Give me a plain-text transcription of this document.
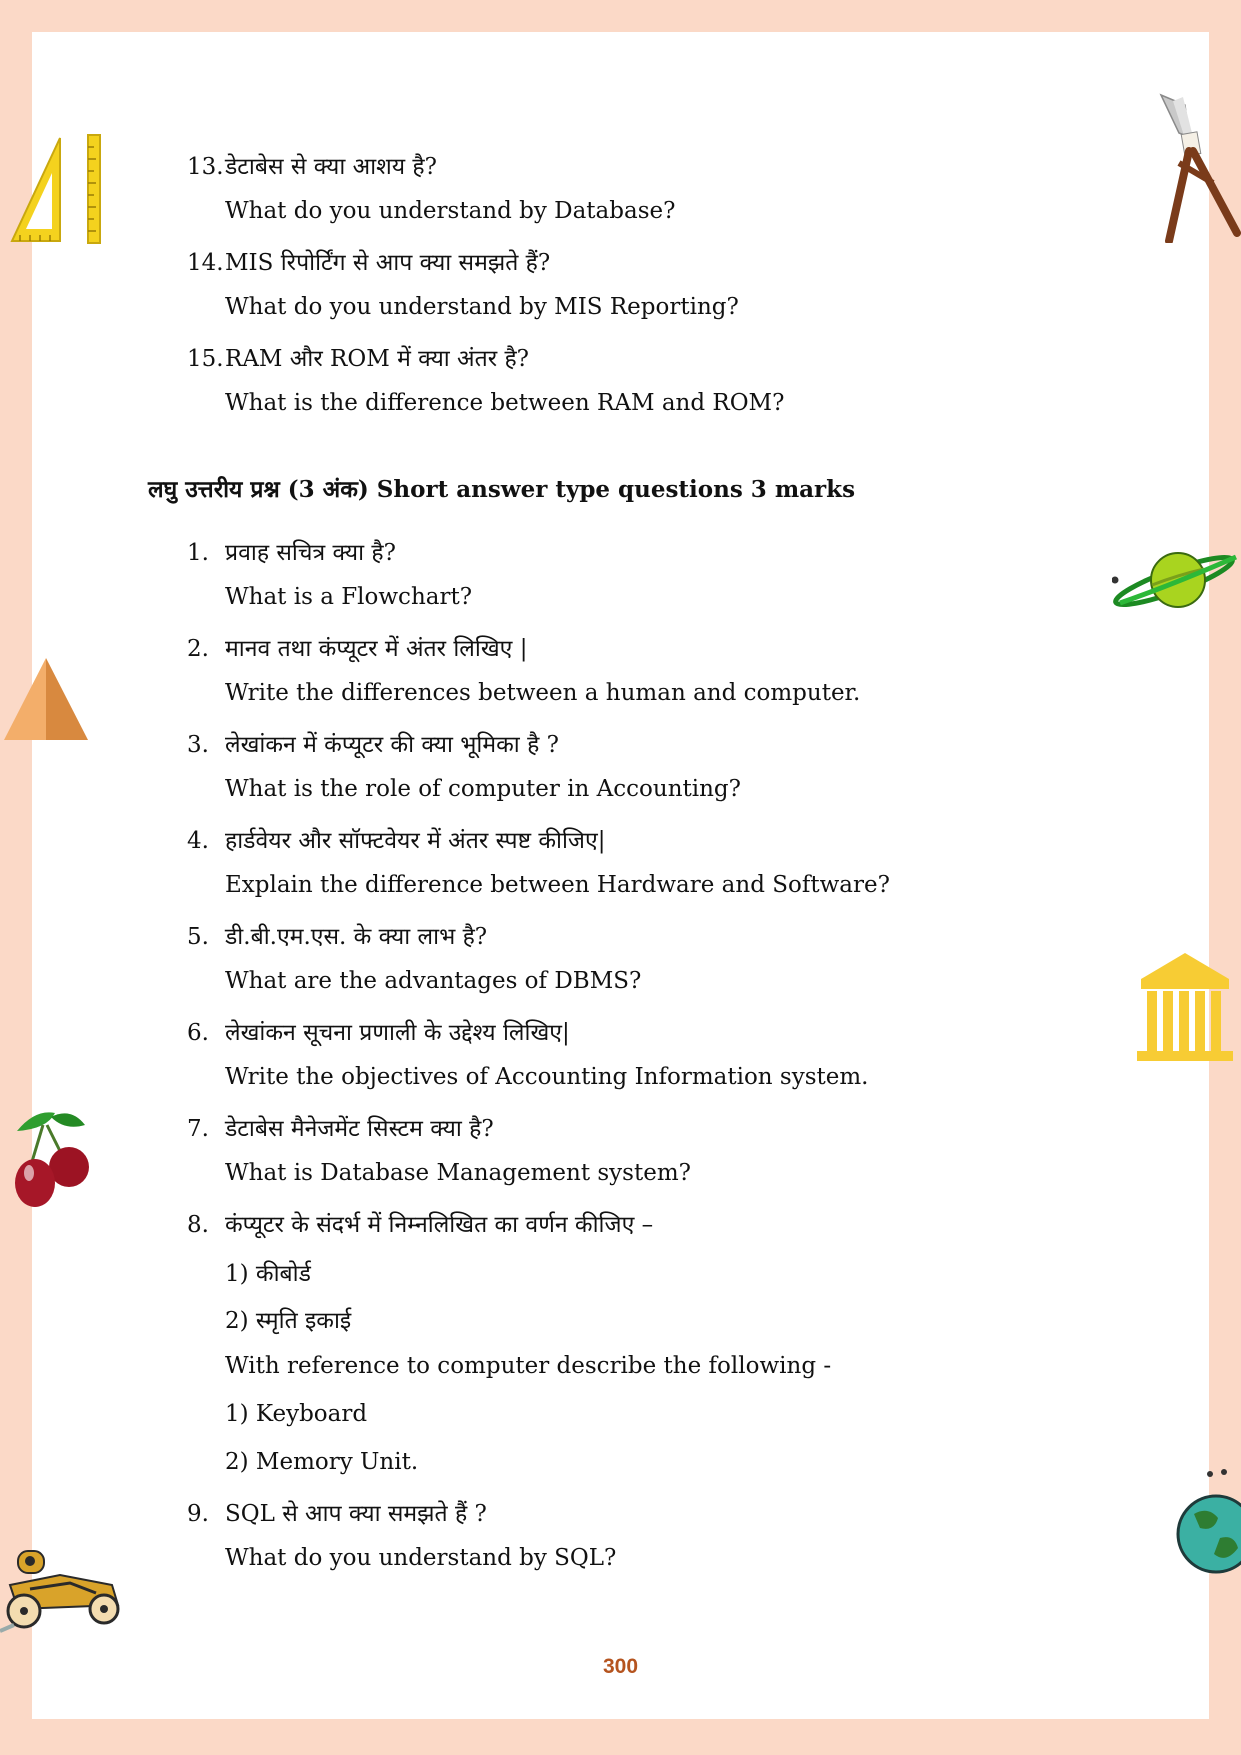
13.डेटाबेस से क्या आशय है?
What do you understand by Database?
14.MIS रिपोर्टिंग से आप क्या समझते हैं?
What do you understand by MIS Reporting?
15.RAM और ROM में क्या अंतर है?
What is the difference between RAM and ROM?
लघु उत्तरीय प्रश्न (3 अंक) Short answer type questions 3 marks
1. प्रवाह सचित्र क्या है?
What is a Flowchart?
2. मानव तथा कंप्यूटर में अंतर लिखिए |
Write the differences between a human and computer.
3. लेखांकन में कंप्यूटर की क्या भूमिका है ?
What is the role of computer in Accounting?
4. हार्डवेयर और सॉफ्टवेयर में अंतर स्पष्ट कीजिए|
Explain the difference between Hardware and Software?
5. डी.बी.एम.एस. के क्या लाभ है?
What are the advantages of DBMS?
6. लेखांकन सूचना प्रणाली के उद्देश्य लिखिए|
Write the objectives of Accounting Information system.
7. डेटाबेस मैनेजमेंट सिस्टम क्या है?
What is Database Management system?
8. कंप्यूटर के संदर्भ में निम्नलिखित का वर्णन कीजिए –
1) कीबोर्ड
2) स्मृति इकाई
With reference to computer describe the following -
1) Keyboard
2) Memory Unit.
9. SQL से आप क्या समझते हैं ?
What do you understand by SQL?
300
